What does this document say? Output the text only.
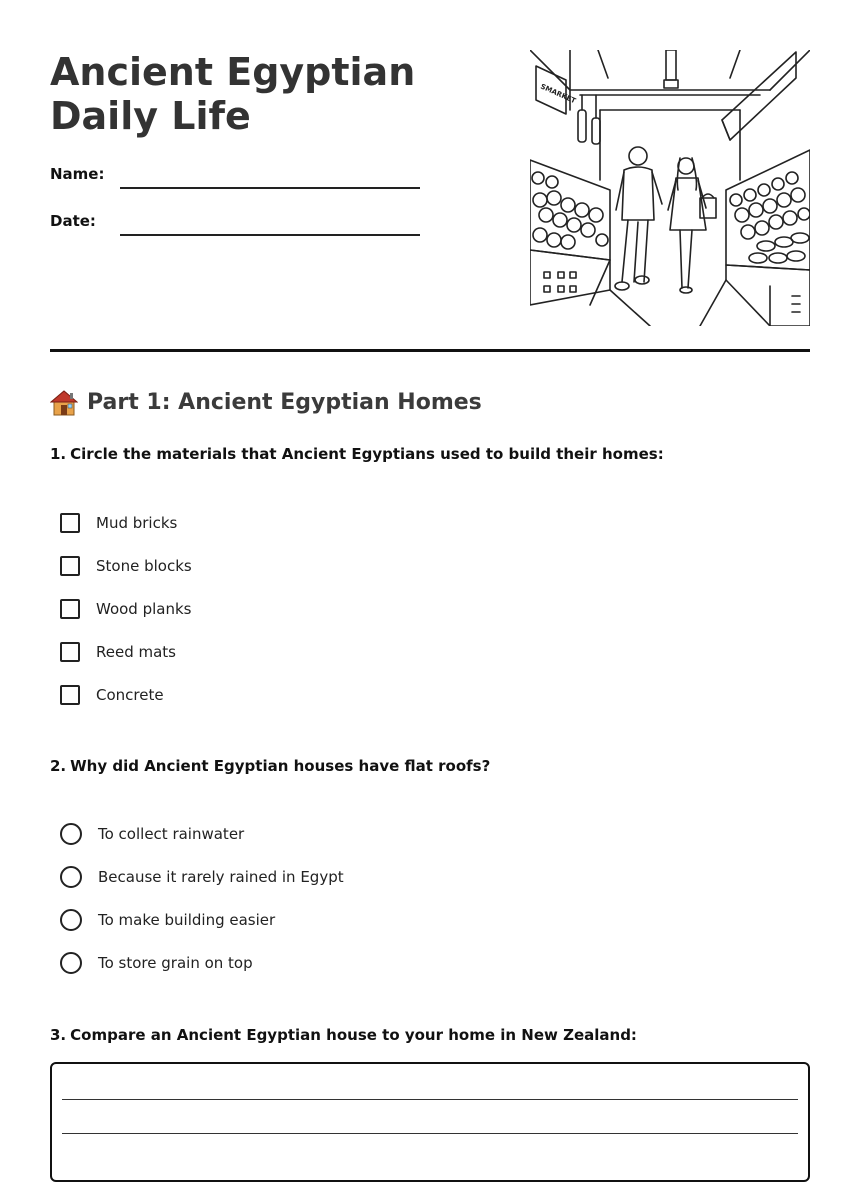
Ancient Egyptian Daily Life
Name:
Date:
SMARKET
Part 1: Ancient Egyptian Homes
1. Circle the materials that Ancient Egyptians used to build their homes:
Mud bricks
Stone blocks
Wood planks
Reed mats
Concrete
2. Why did Ancient Egyptian houses have flat roofs?
To collect rainwater
Because it rarely rained in Egypt
To make building easier
To store grain on top
3. Compare an Ancient Egyptian house to your home in New Zealand:
